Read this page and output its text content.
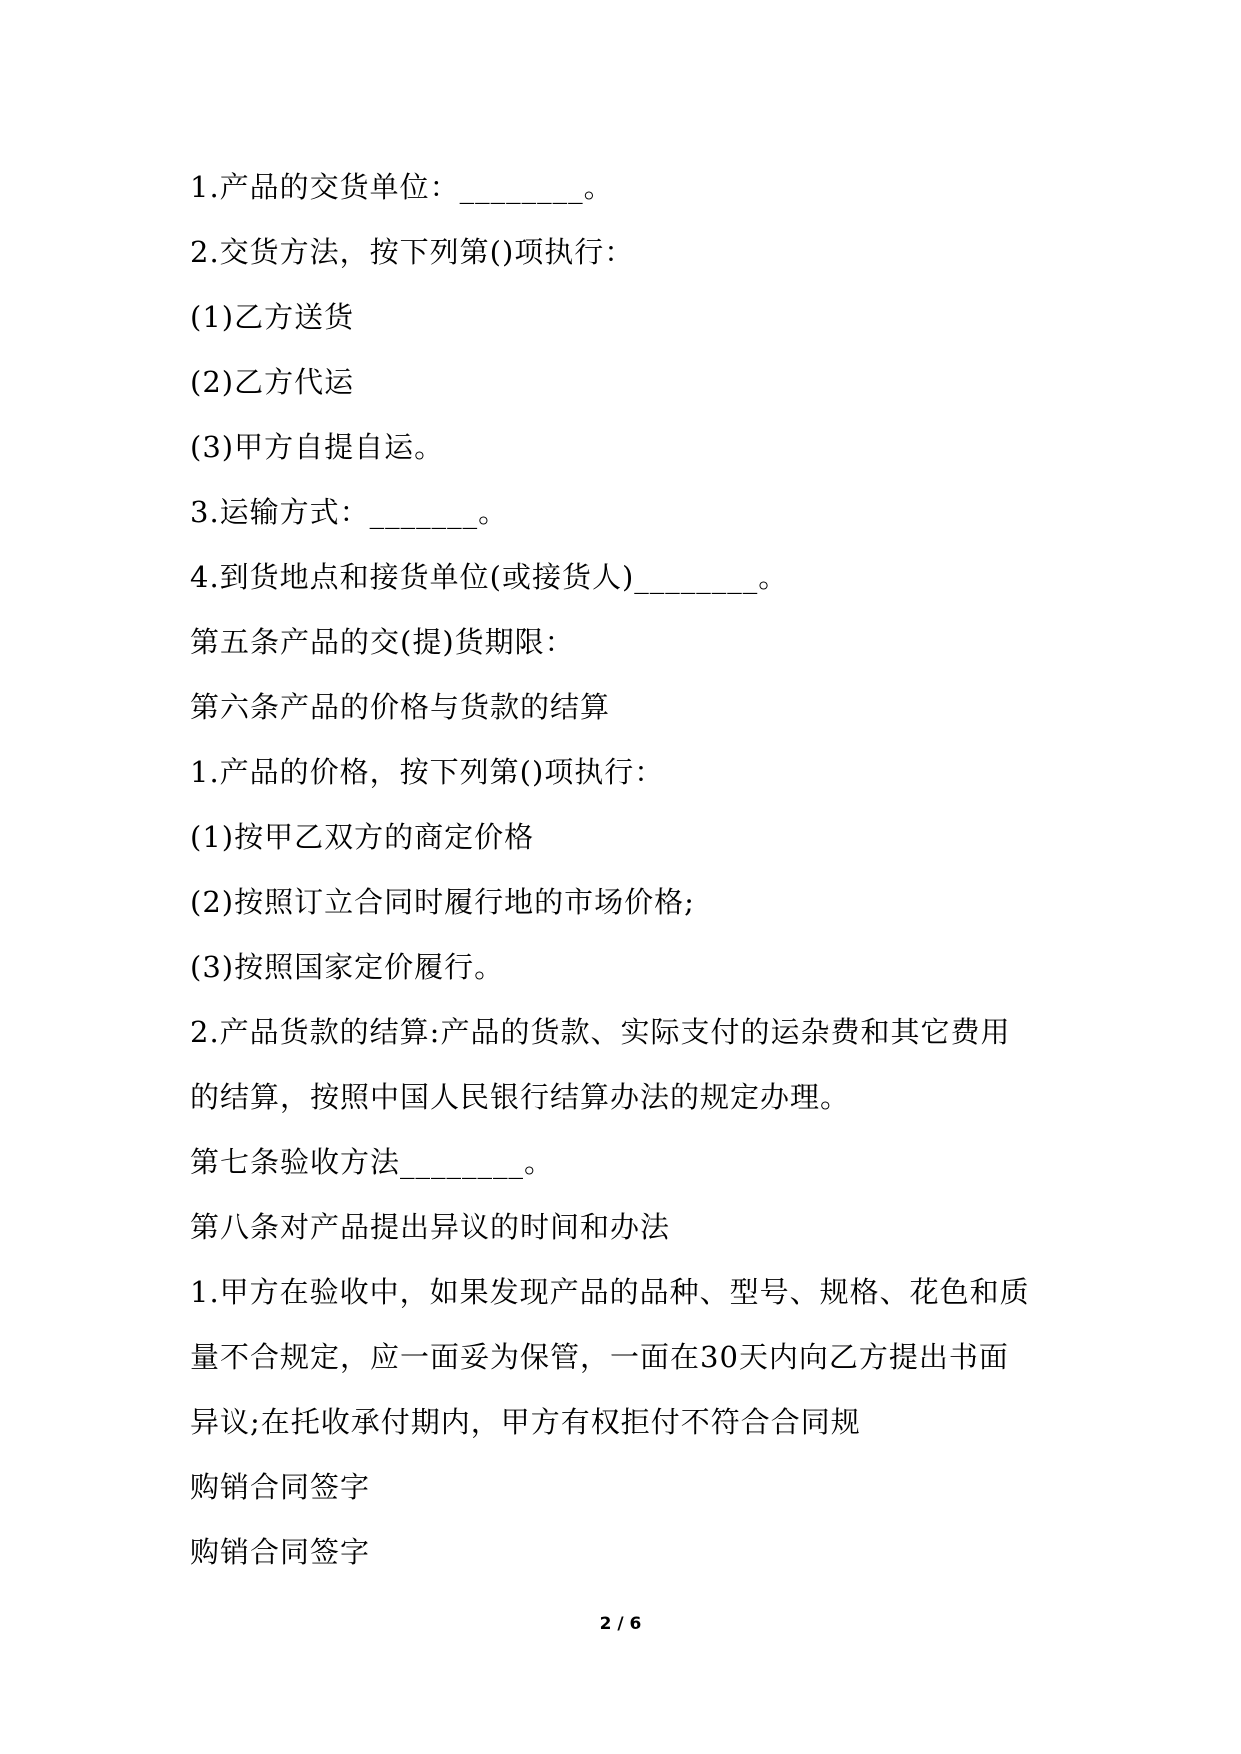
1.产品的交货单位：________。

2.交货方法，按下列第()项执行：

(1)乙方送货

(2)乙方代运

(3)甲方自提自运。

3.运输方式：_______。

4.到货地点和接货单位(或接货人)________。

第五条产品的交(提)货期限：

第六条产品的价格与货款的结算

1.产品的价格，按下列第()项执行：

(1)按甲乙双方的商定价格

(2)按照订立合同时履行地的市场价格;

(3)按照国家定价履行。

2.产品货款的结算:产品的货款、实际支付的运杂费和其它费用

的结算，按照中国人民银行结算办法的规定办理。

第七条验收方法________。

第八条对产品提出异议的时间和办法

1.甲方在验收中，如果发现产品的品种、型号、规格、花色和质

量不合规定，应一面妥为保管，一面在30天内向乙方提出书面

异议;在托收承付期内，甲方有权拒付不符合合同规

购销合同签字

购销合同签字

2 / 6
